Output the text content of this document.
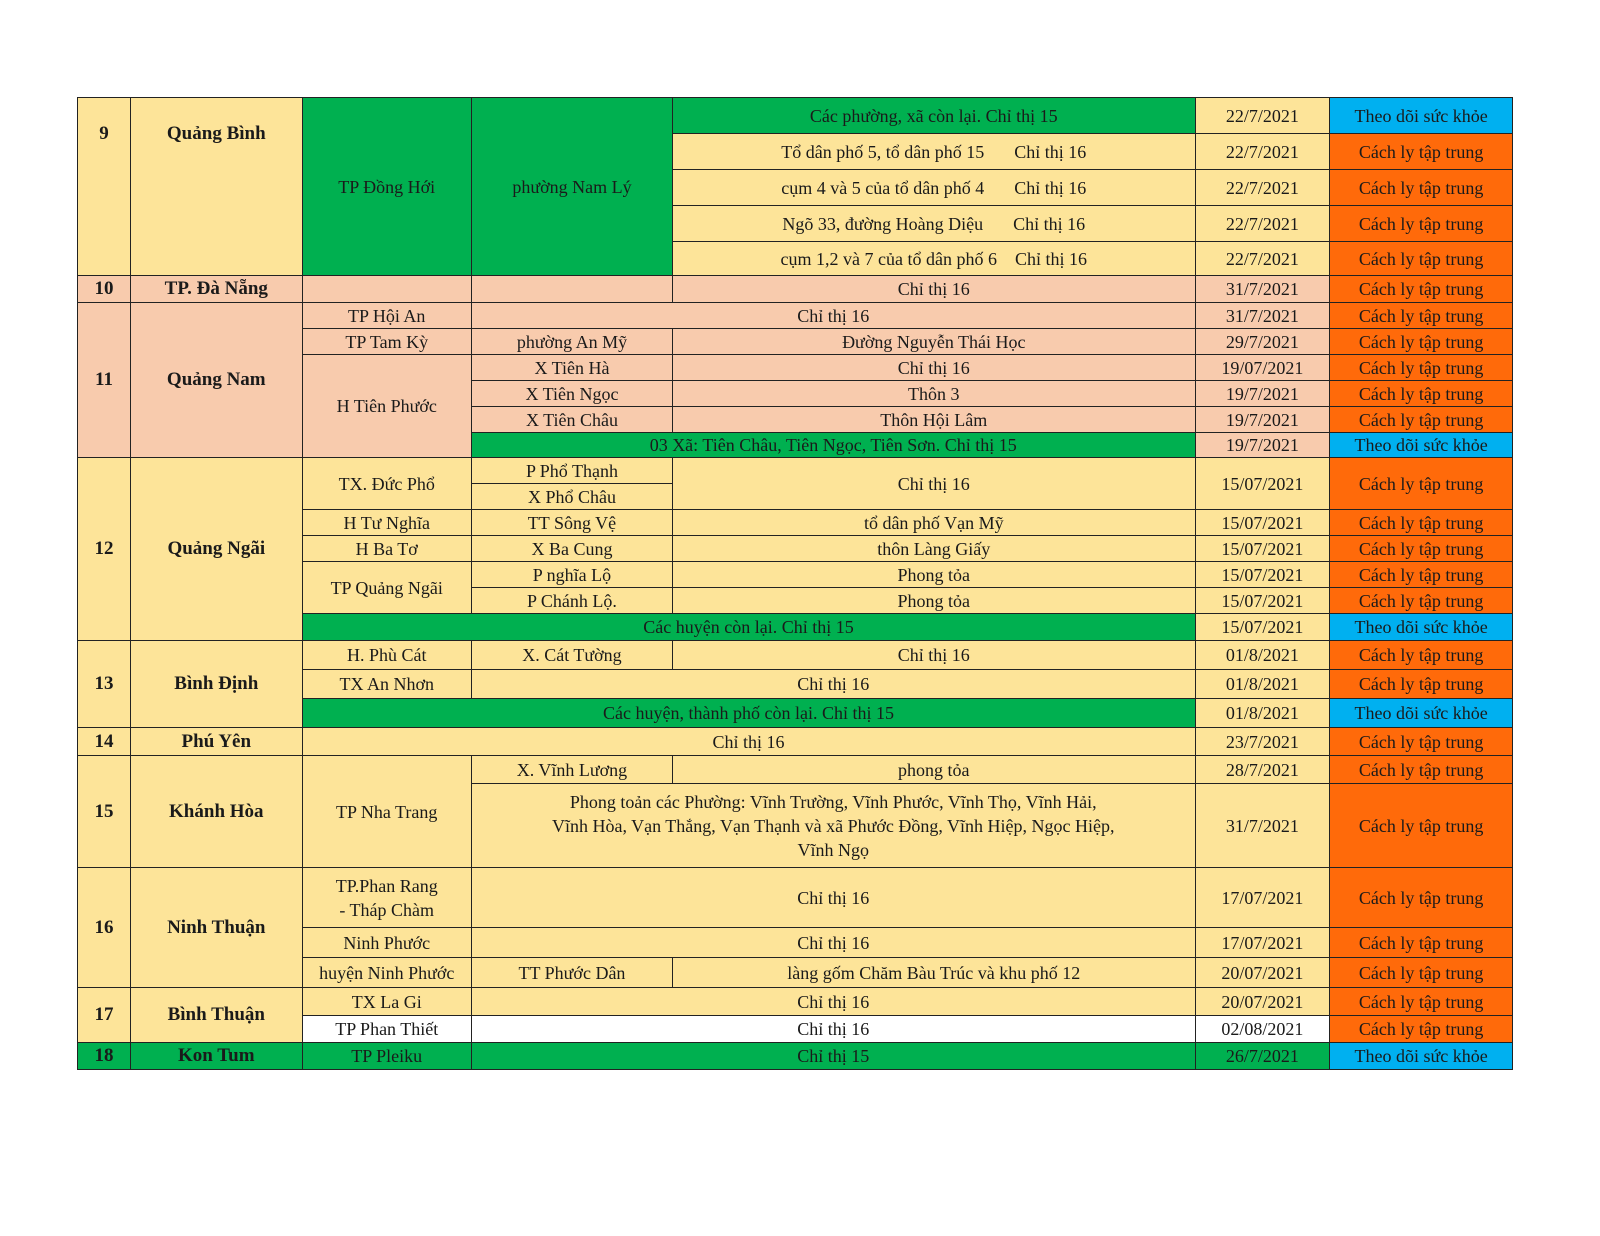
9	Quảng Bình	TP Đồng Hới	phường Nam Lý	Các phường, xã còn lại. Chỉ thị 15	22/7/2021	Theo dõi sức khỏe
				Tổ dân phố 5, tổ dân phố 15 Chỉ thị 16	22/7/2021	Cách ly tập trung
				cụm 4 và 5 của tổ dân phố 4 Chỉ thị 16	22/7/2021	Cách ly tập trung
				Ngõ 33, đường Hoàng Diệu Chỉ thị 16	22/7/2021	Cách ly tập trung
				cụm 1,2 và 7 của tổ dân phố 6 Chỉ thị 16	22/7/2021	Cách ly tập trung
10	TP. Đà Nẵng			Chỉ thị 16	31/7/2021	Cách ly tập trung
11	Quảng Nam	TP Hội An	Chỉ thị 16		31/7/2021	Cách ly tập trung
		TP Tam Kỳ	phường An Mỹ	Đường Nguyễn Thái Học	29/7/2021	Cách ly tập trung
		H Tiên Phước	X Tiên Hà	Chỉ thị 16	19/07/2021	Cách ly tập trung
			X Tiên Ngọc	Thôn 3	19/7/2021	Cách ly tập trung
			X Tiên Châu	Thôn Hội Lâm	19/7/2021	Cách ly tập trung
			03 Xã: Tiên Châu, Tiên Ngọc, Tiên Sơn. Chỉ thị 15		19/7/2021	Theo dõi sức khỏe
12	Quảng Ngãi	TX. Đức Phổ	P Phổ Thạnh	Chỉ thị 16	15/07/2021	Cách ly tập trung
			X Phổ Châu			
		H Tư Nghĩa	TT Sông Vệ	tổ dân phố Vạn Mỹ	15/07/2021	Cách ly tập trung
		H Ba Tơ	X Ba Cung	thôn Làng Giấy	15/07/2021	Cách ly tập trung
		TP Quảng Ngãi	P nghĩa Lộ	Phong tỏa	15/07/2021	Cách ly tập trung
			P Chánh Lộ.	Phong tỏa	15/07/2021	Cách ly tập trung
		Các huyện còn lại. Chỉ thị 15			15/07/2021	Theo dõi sức khỏe
13	Bình Định	H. Phù Cát	X. Cát Tường	Chỉ thị 16	01/8/2021	Cách ly tập trung
		TX An Nhơn	Chỉ thị 16		01/8/2021	Cách ly tập trung
		Các huyện, thành phố còn lại. Chỉ thị 15			01/8/2021	Theo dõi sức khỏe
14	Phú Yên	Chỉ thị 16			23/7/2021	Cách ly tập trung
15	Khánh Hòa	TP Nha Trang	X. Vĩnh Lương	phong tỏa	28/7/2021	Cách ly tập trung

			Phong toản các Phường: Vĩnh Trường, Vĩnh Phước, Vĩnh Thọ, Vĩnh Hải,
Vĩnh Hòa, Vạn Thắng, Vạn Thạnh và xã Phước Đồng, Vĩnh Hiệp, Ngọc Hiệp,
Vĩnh Ngọ		31/7/2021	Cách ly tập trung
16	Ninh Thuận	TP.Phan Rang
- Tháp Chàm	Chỉ thị 16		17/07/2021	Cách ly tập trung
		Ninh Phước	Chỉ thị 16		17/07/2021	Cách ly tập trung
		huyện Ninh Phước	TT Phước Dân	làng gốm Chăm Bàu Trúc và khu phố 12	20/07/2021	Cách ly tập trung
17	Bình Thuận	TX La Gi	Chỉ thị 16		20/07/2021	Cách ly tập trung
		TP Phan Thiết	Chỉ thị 16		02/08/2021	Cách ly tập trung
18	Kon Tum	TP Pleiku	Chỉ thị 15		26/7/2021	Theo dõi sức khỏe
